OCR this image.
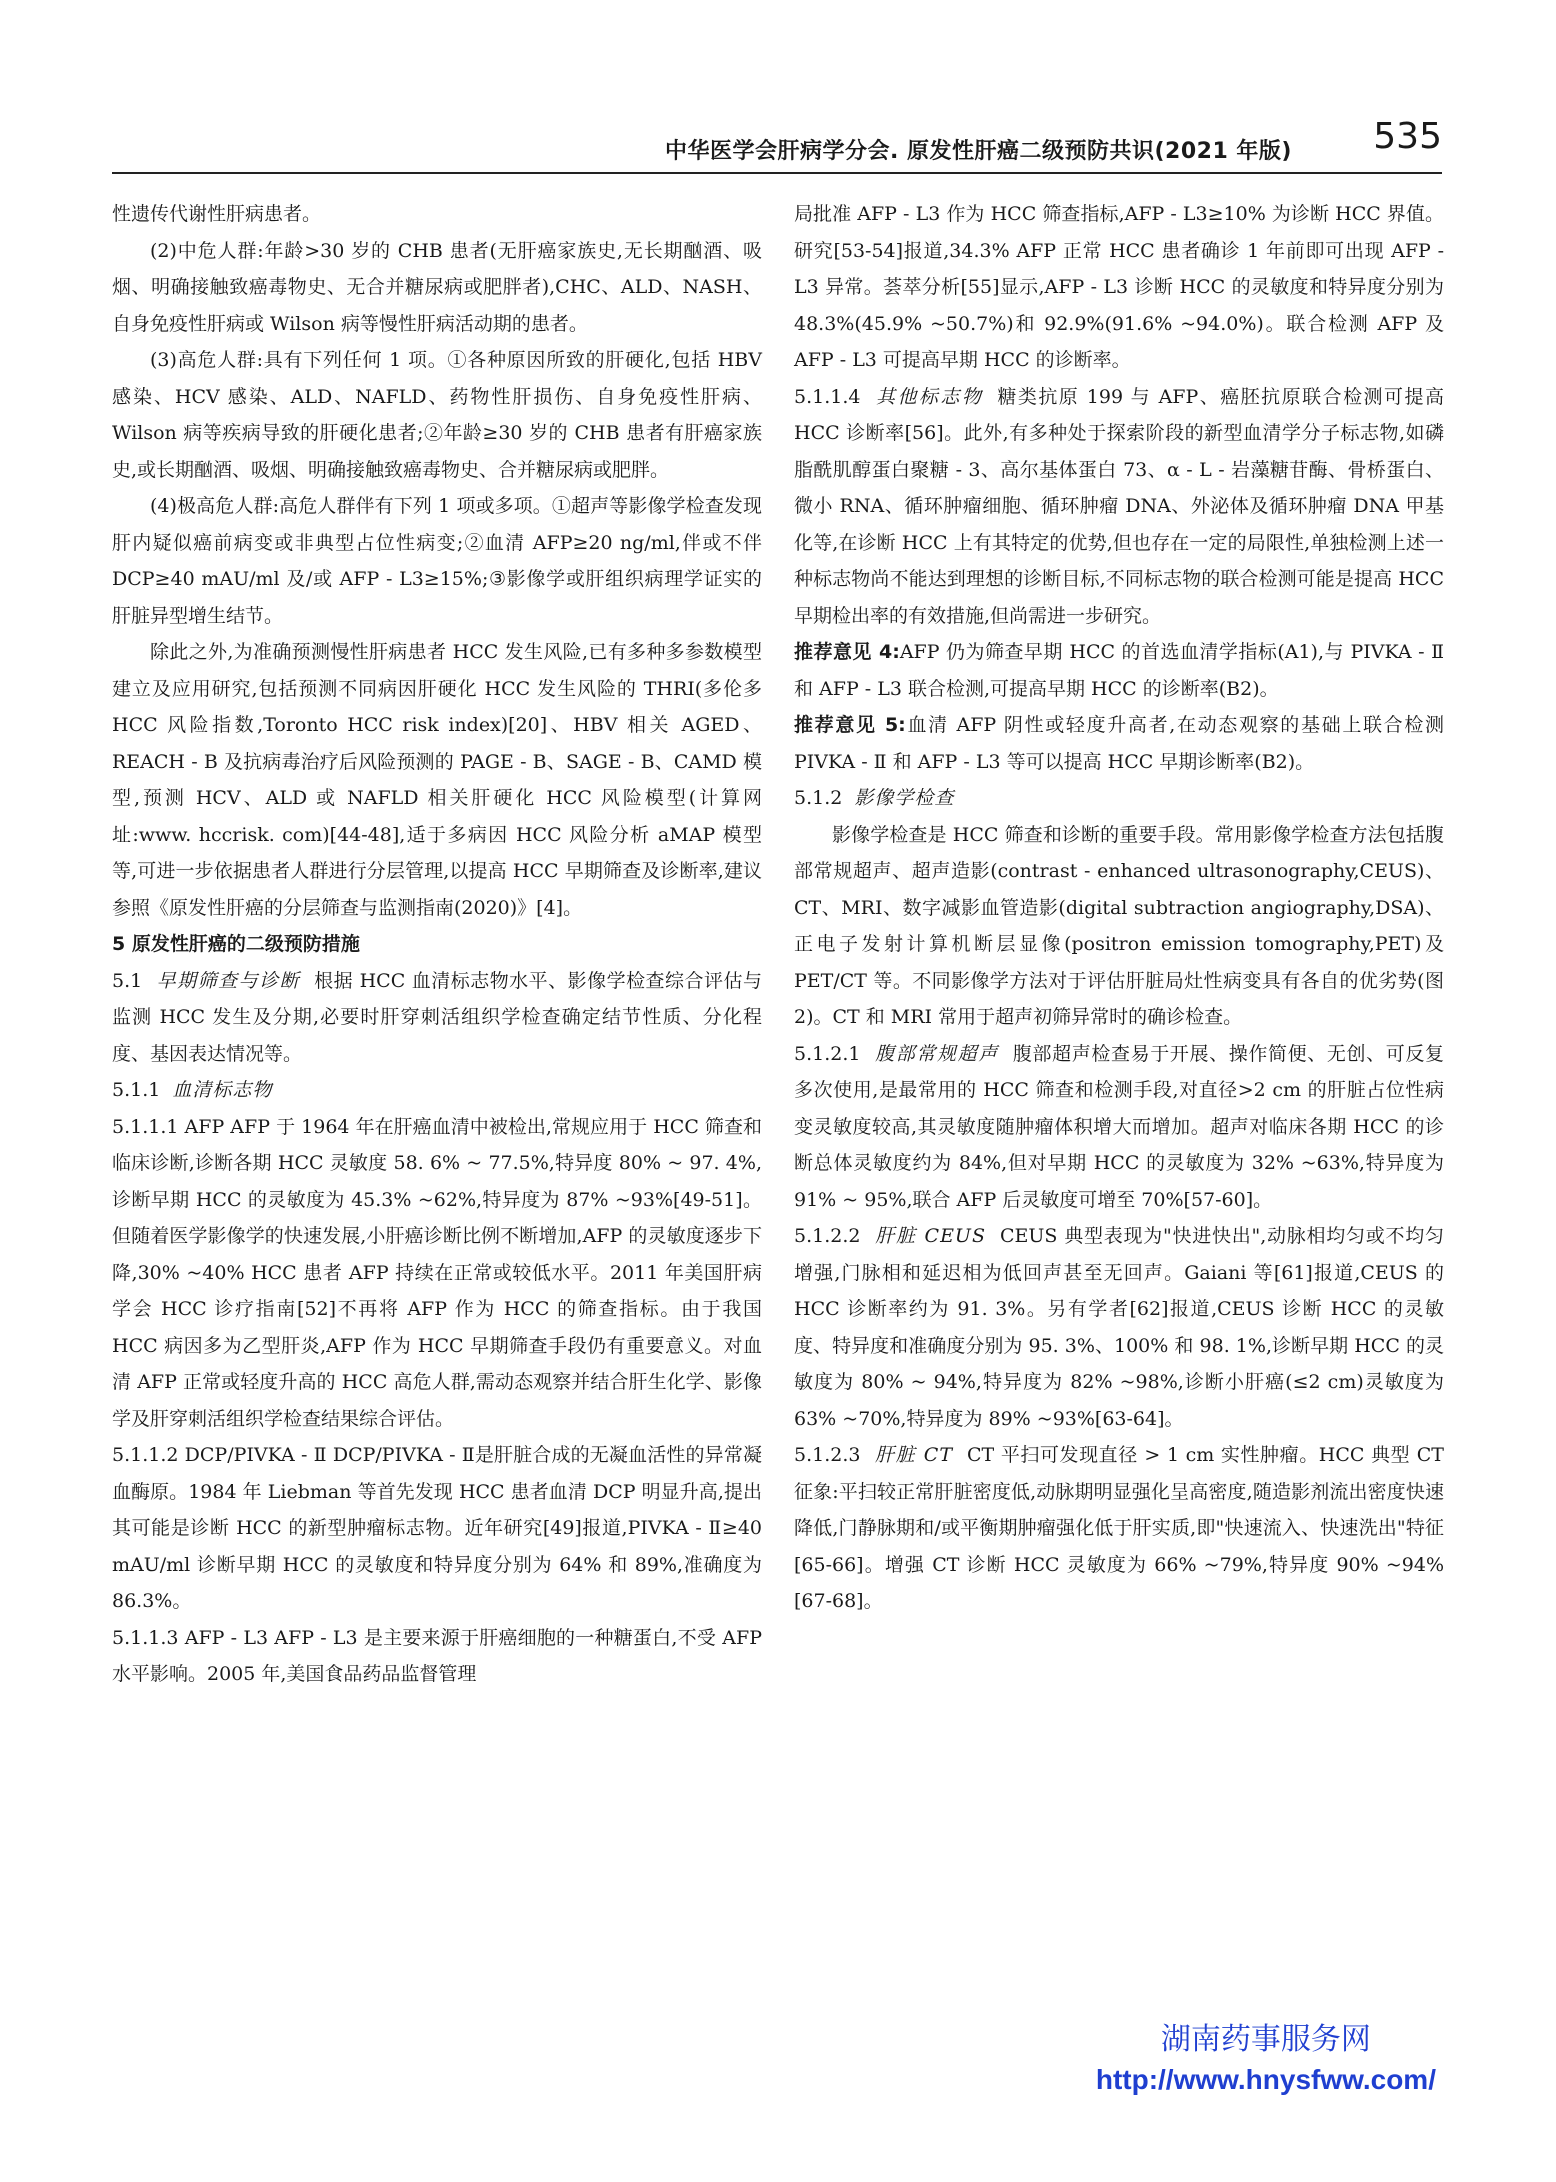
中华医学会肝病学分会. 原发性肝癌二级预防共识(2021 年版) 535

性遗传代谢性肝病患者。

(2)中危人群:年龄>30 岁的 CHB 患者(无肝癌家族史,无长期酗酒、吸烟、明确接触致癌毒物史、无合并糖尿病或肥胖者),CHC、ALD、NASH、自身免疫性肝病或 Wilson 病等慢性肝病活动期的患者。

(3)高危人群:具有下列任何 1 项。①各种原因所致的肝硬化,包括 HBV 感染、HCV 感染、ALD、NAFLD、药物性肝损伤、自身免疫性肝病、Wilson 病等疾病导致的肝硬化患者;②年龄≥30 岁的 CHB 患者有肝癌家族史,或长期酗酒、吸烟、明确接触致癌毒物史、合并糖尿病或肥胖。

(4)极高危人群:高危人群伴有下列 1 项或多项。①超声等影像学检查发现肝内疑似癌前病变或非典型占位性病变;②血清 AFP≥20 ng/ml,伴或不伴 DCP≥40 mAU/ml 及/或 AFP - L3≥15%;③影像学或肝组织病理学证实的肝脏异型增生结节。

除此之外,为准确预测慢性肝病患者 HCC 发生风险,已有多种多参数模型建立及应用研究,包括预测不同病因肝硬化 HCC 发生风险的 THRI(多伦多 HCC 风险指数,Toronto HCC risk index)[20]、HBV 相关 AGED、REACH - B 及抗病毒治疗后风险预测的 PAGE - B、SAGE - B、CAMD 模型,预测 HCV、ALD 或 NAFLD 相关肝硬化 HCC 风险模型(计算网址:www. hccrisk. com)[44-48],适于多病因 HCC 风险分析 aMAP 模型等,可进一步依据患者人群进行分层管理,以提高 HCC 早期筛查及诊断率,建议参照《原发性肝癌的分层筛查与监测指南(2020)》[4]。

5 原发性肝癌的二级预防措施

5.1 早期筛查与诊断 根据 HCC 血清标志物水平、影像学检查综合评估与监测 HCC 发生及分期,必要时肝穿刺活组织学检查确定结节性质、分化程度、基因表达情况等。

5.1.1 血清标志物

5.1.1.1 AFP AFP 于 1964 年在肝癌血清中被检出,常规应用于 HCC 筛查和临床诊断,诊断各期 HCC 灵敏度 58. 6% ~ 77.5%,特异度 80% ~ 97. 4%,诊断早期 HCC 的灵敏度为 45.3% ~62%,特异度为 87% ~93%[49-51]。但随着医学影像学的快速发展,小肝癌诊断比例不断增加,AFP 的灵敏度逐步下降,30% ~40% HCC 患者 AFP 持续在正常或较低水平。2011 年美国肝病学会 HCC 诊疗指南[52]不再将 AFP 作为 HCC 的筛查指标。由于我国 HCC 病因多为乙型肝炎,AFP 作为 HCC 早期筛查手段仍有重要意义。对血清 AFP 正常或轻度升高的 HCC 高危人群,需动态观察并结合肝生化学、影像学及肝穿刺活组织学检查结果综合评估。

5.1.1.2 DCP/PIVKA - Ⅱ DCP/PIVKA - Ⅱ是肝脏合成的无凝血活性的异常凝血酶原。1984 年 Liebman 等首先发现 HCC 患者血清 DCP 明显升高,提出其可能是诊断 HCC 的新型肿瘤标志物。近年研究[49]报道,PIVKA - Ⅱ≥40 mAU/ml 诊断早期 HCC 的灵敏度和特异度分别为 64% 和 89%,准确度为 86.3%。

5.1.1.3 AFP - L3 AFP - L3 是主要来源于肝癌细胞的一种糖蛋白,不受 AFP 水平影响。2005 年,美国食品药品监督管理

局批准 AFP - L3 作为 HCC 筛查指标,AFP - L3≥10% 为诊断 HCC 界值。研究[53-54]报道,34.3% AFP 正常 HCC 患者确诊 1 年前即可出现 AFP - L3 异常。荟萃分析[55]显示,AFP - L3 诊断 HCC 的灵敏度和特异度分别为 48.3%(45.9% ~50.7%)和 92.9%(91.6% ~94.0%)。联合检测 AFP 及 AFP - L3 可提高早期 HCC 的诊断率。

5.1.1.4 其他标志物 糖类抗原 199 与 AFP、癌胚抗原联合检测可提高 HCC 诊断率[56]。此外,有多种处于探索阶段的新型血清学分子标志物,如磷脂酰肌醇蛋白聚糖 - 3、高尔基体蛋白 73、α - L - 岩藻糖苷酶、骨桥蛋白、微小 RNA、循环肿瘤细胞、循环肿瘤 DNA、外泌体及循环肿瘤 DNA 甲基化等,在诊断 HCC 上有其特定的优势,但也存在一定的局限性,单独检测上述一种标志物尚不能达到理想的诊断目标,不同标志物的联合检测可能是提高 HCC 早期检出率的有效措施,但尚需进一步研究。

推荐意见 4:AFP 仍为筛查早期 HCC 的首选血清学指标(A1),与 PIVKA - Ⅱ 和 AFP - L3 联合检测,可提高早期 HCC 的诊断率(B2)。

推荐意见 5:血清 AFP 阴性或轻度升高者,在动态观察的基础上联合检测 PIVKA - Ⅱ 和 AFP - L3 等可以提高 HCC 早期诊断率(B2)。

5.1.2 影像学检查

影像学检查是 HCC 筛查和诊断的重要手段。常用影像学检查方法包括腹部常规超声、超声造影(contrast - enhanced ultrasonography,CEUS)、CT、MRI、数字减影血管造影(digital subtraction angiography,DSA)、正电子发射计算机断层显像(positron emission tomography,PET)及 PET/CT 等。不同影像学方法对于评估肝脏局灶性病变具有各自的优劣势(图 2)。CT 和 MRI 常用于超声初筛异常时的确诊检查。

5.1.2.1 腹部常规超声 腹部超声检查易于开展、操作简便、无创、可反复多次使用,是最常用的 HCC 筛查和检测手段,对直径>2 cm 的肝脏占位性病变灵敏度较高,其灵敏度随肿瘤体积增大而增加。超声对临床各期 HCC 的诊断总体灵敏度约为 84%,但对早期 HCC 的灵敏度为 32% ~63%,特异度为 91% ~ 95%,联合 AFP 后灵敏度可增至 70%[57-60]。

5.1.2.2 肝脏 CEUS CEUS 典型表现为"快进快出",动脉相均匀或不均匀增强,门脉相和延迟相为低回声甚至无回声。Gaiani 等[61]报道,CEUS 的 HCC 诊断率约为 91. 3%。另有学者[62]报道,CEUS 诊断 HCC 的灵敏度、特异度和准确度分别为 95. 3%、100% 和 98. 1%,诊断早期 HCC 的灵敏度为 80% ~ 94%,特异度为 82% ~98%,诊断小肝癌(≤2 cm)灵敏度为 63% ~70%,特异度为 89% ~93%[63-64]。

5.1.2.3 肝脏 CT CT 平扫可发现直径 > 1 cm 实性肿瘤。HCC 典型 CT 征象:平扫较正常肝脏密度低,动脉期明显强化呈高密度,随造影剂流出密度快速降低,门静脉期和/或平衡期肿瘤强化低于肝实质,即"快速流入、快速洗出"特征[65-66]。增强 CT 诊断 HCC 灵敏度为 66% ~79%,特异度 90% ~94%[67-68]。

湖南药事服务网
http://www.hnysfww.com/
